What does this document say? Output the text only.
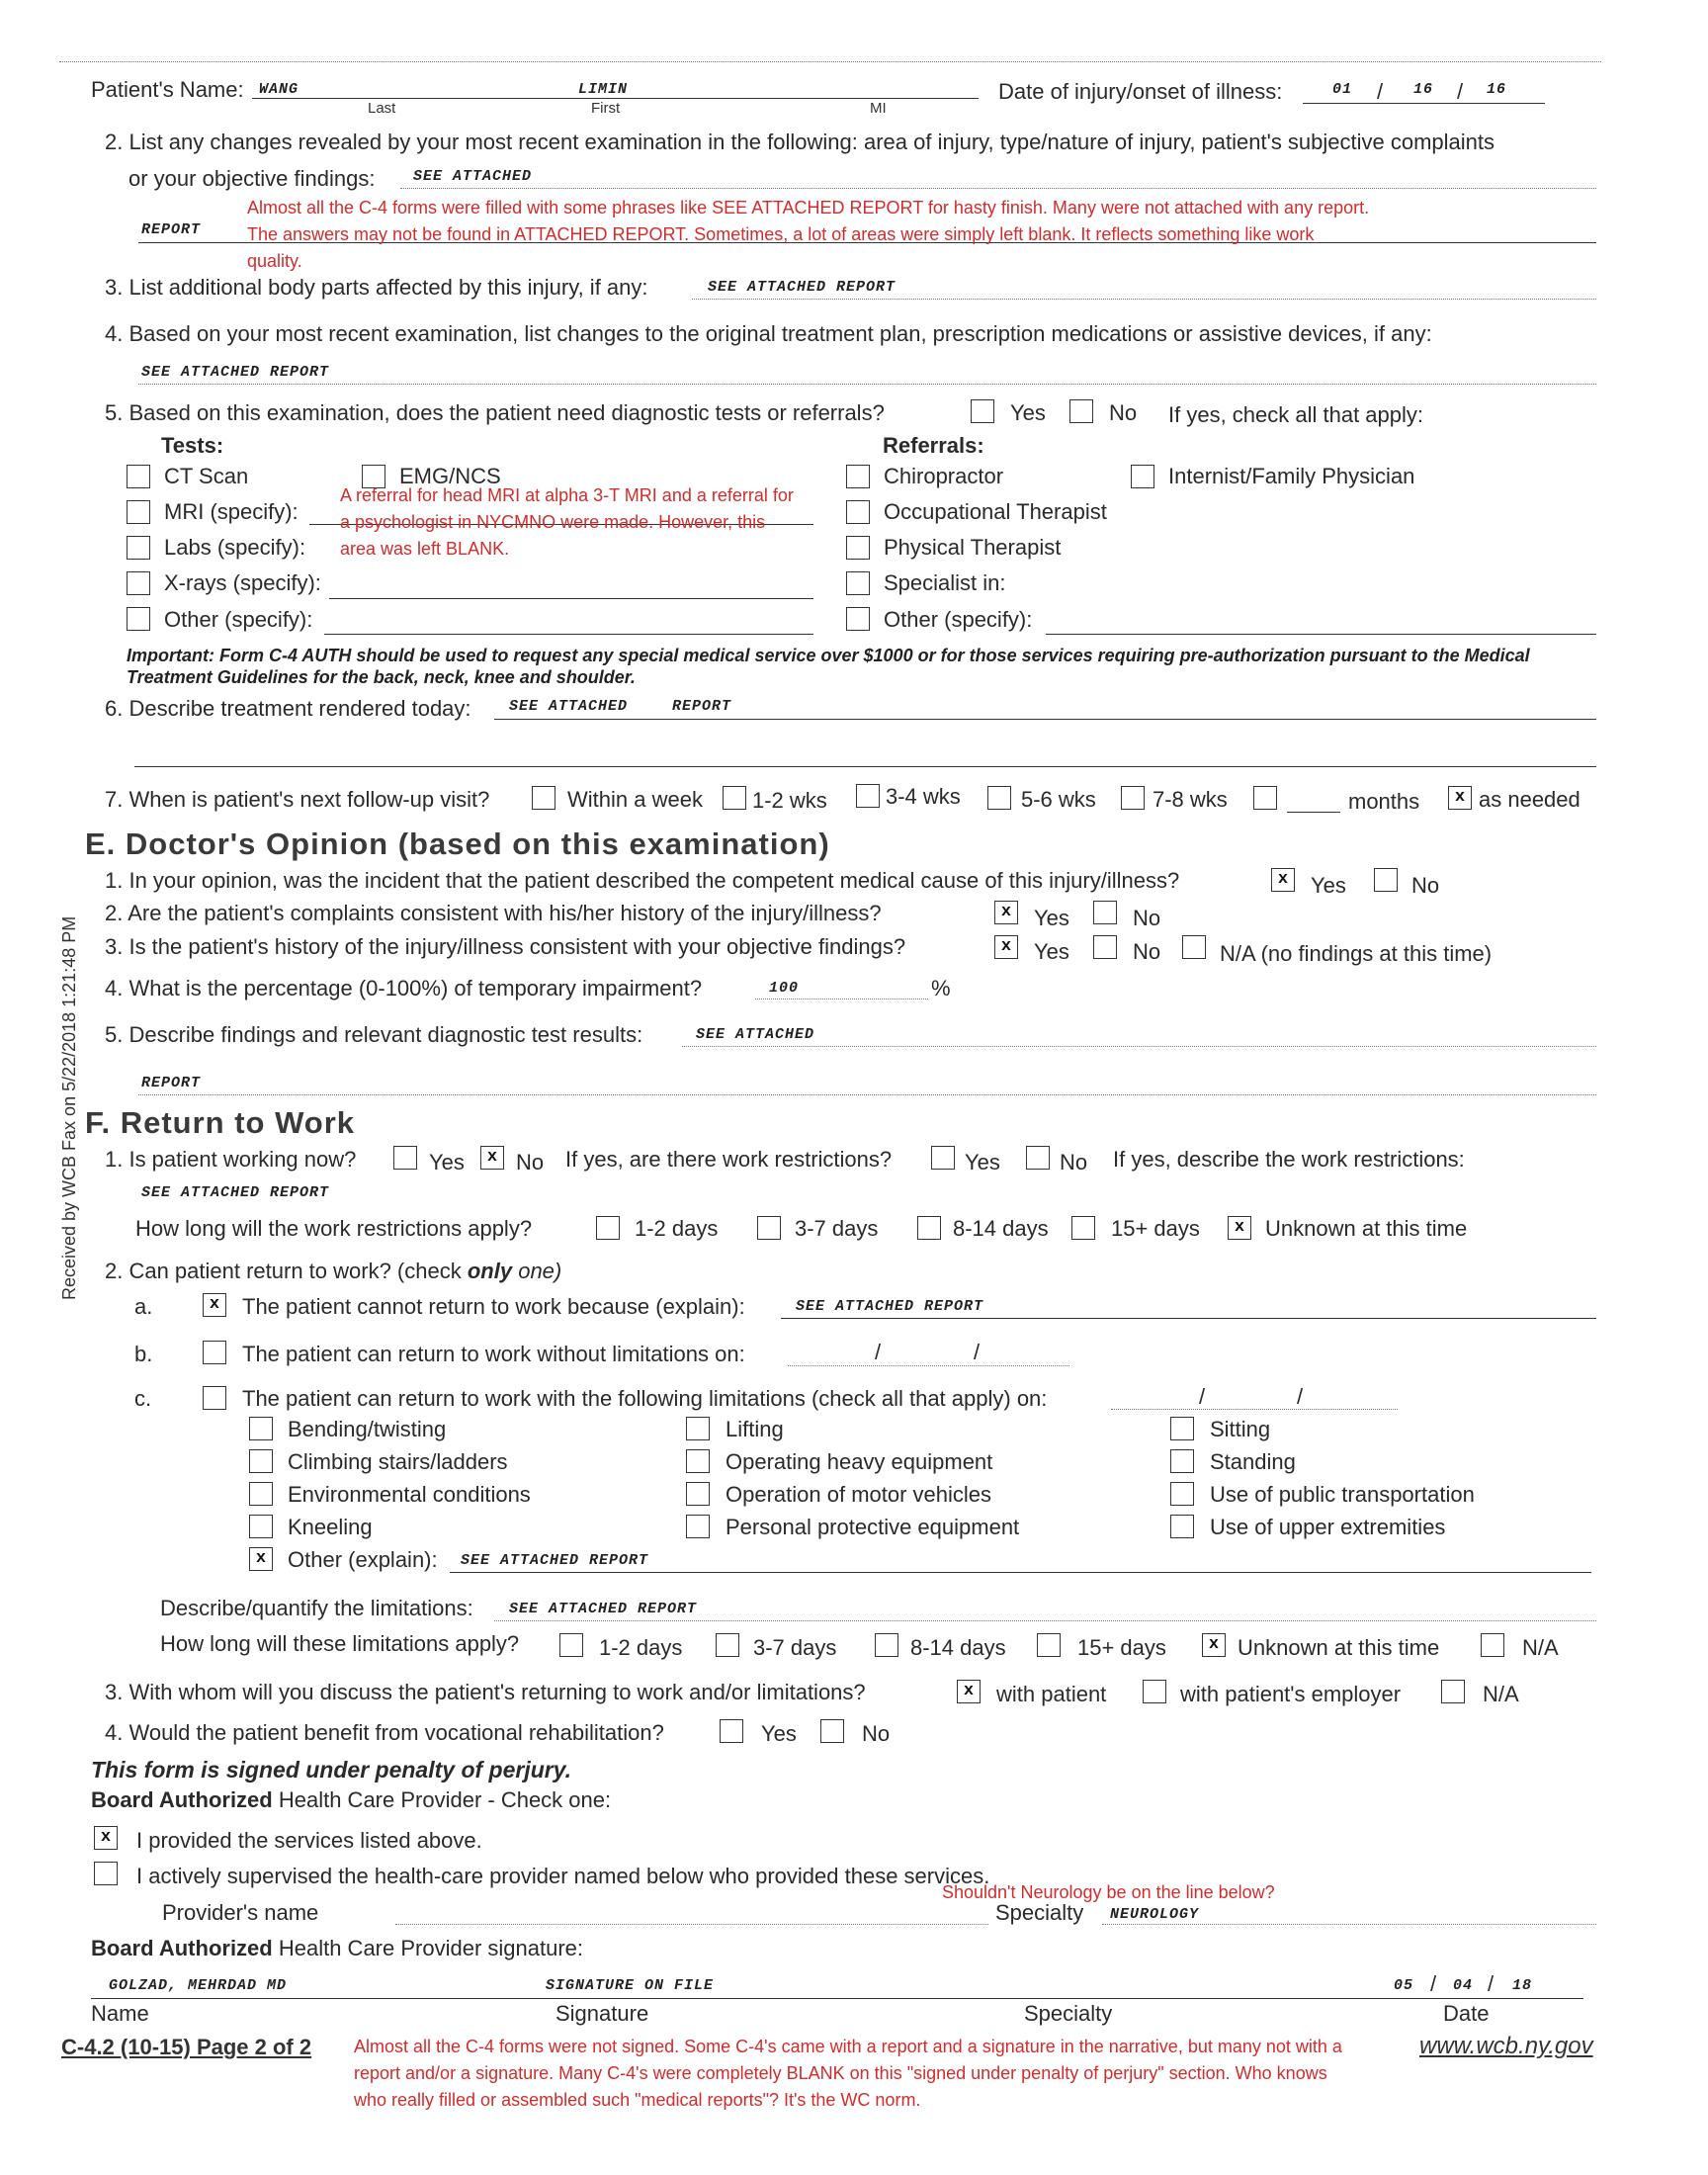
Patient's Name: WANG	LIMIN
Last	First	MI
Date of injury/onset of illness:	01 / 16 / 16
2. List any changes revealed by your most recent examination in the following: area of injury, type/nature of injury, patient's subjective complaints
or your objective findings:	SEE ATTACHED
REPORT
Almost all the C-4 forms were filled with some phrases like SEE ATTACHED REPORT for hasty finish. Many were not attached with any report. The answers may not be found in ATTACHED REPORT. Sometimes, a lot of areas were simply left blank. It reflects something like work quality.
3. List additional body parts affected by this injury, if any:	SEE ATTACHED REPORT
4. Based on your most recent examination, list changes to the original treatment plan, prescription medications or assistive devices, if any:
SEE ATTACHED REPORT
5. Based on this examination, does the patient need diagnostic tests or referrals?	Yes	No If yes, check all that apply:
Tests:	Referrals:
CT Scan	EMG/NCS
MRI (specify):
A referral for head MRI at alpha 3-T MRI and a referral for a psychologist in NYCMNO were made. However, this area was left BLANK.
Labs (specify):
X-rays (specify):
Other (specify):
Chiropractor	Internist/Family Physician
Occupational Therapist
Physical Therapist
Specialist in:
Other (specify):
Important: Form C-4 AUTH should be used to request any special medical service over $1000 or for those services requiring pre-authorization pursuant to the Medical Treatment Guidelines for the back, neck, knee and shoulder.
6. Describe treatment rendered today:	SEE ATTACHED	REPORT
7. When is patient's next follow-up visit?	Within a week 1-2 wks	3-4 wks	5-6 wks	7-8 wks	months	x as needed
Received by WCB Fax on 5/22/2018 1:21:48 PM
E. Doctor's Opinion (based on this examination)
1. In your opinion, was the incident that the patient described the competent medical cause of this injury/illness?	x	Yes	No
2. Are the patient's complaints consistent with his/her history of the injury/illness?	x	Yes	No
3. Is the patient's history of the injury/illness consistent with your objective findings?	x	Yes	No	N/A (no findings at this time)
4. What is the percentage (0-100%) of temporary impairment?	100	%
5. Describe findings and relevant diagnostic test results:	SEE ATTACHED
REPORT
F. Return to Work
1. Is patient working now?	Yes	x No If yes, are there work restrictions?	Yes	No If yes, describe the work restrictions:
SEE ATTACHED REPORT
How long will the work restrictions apply?	1-2 days	3-7 days	8-14 days	15+ days	x Unknown at this time
2. Can patient return to work? (check only one)
a.	x	The patient cannot return to work because (explain):	SEE ATTACHED REPORT
b.	The patient can return to work without limitations on:	/	/
c.	The patient can return to work with the following limitations (check all that apply) on:	/	/
Bending/twisting
Climbing stairs/ladders
Environmental conditions
Kneeling
x Other (explain): SEE ATTACHED REPORT
Lifting
Operating heavy equipment
Operation of motor vehicles
Personal protective equipment
Sitting
Standing
Use of public transportation
Use of upper extremities
Describe/quantify the limitations: SEE ATTACHED REPORT
How long will these limitations apply?	1-2 days	3-7 days	8-14 days	15+ days	x Unknown at this time	N/A
3. With whom will you discuss the patient's returning to work and/or limitations?	x	with patient	with patient's employer	N/A
4. Would the patient benefit from vocational rehabilitation?	Yes	No
This form is signed under penalty of perjury.
Board Authorized Health Care Provider - Check one:
x	I provided the services listed above.
I actively supervised the health-care provider named below who provided these services.
Shouldn't Neurology be on the line below?
Provider's name	Specialty NEUROLOGY
Board Authorized Health Care Provider signature:
GOLZAD, MEHRDAD MD	SIGNATURE ON FILE	05 / 04 / 18
Name	Signature	Specialty	Date
C-4.2 (10-15) Page 2 of 2	www.wcb.ny.gov
Almost all the C-4 forms were not signed. Some C-4's came with a report and a signature in the narrative, but many not with a report and/or a signature. Many C-4's were completely BLANK on this "signed under penalty of perjury" section. Who knows who really filled or assembled such "medical reports"? It's the WC norm.
